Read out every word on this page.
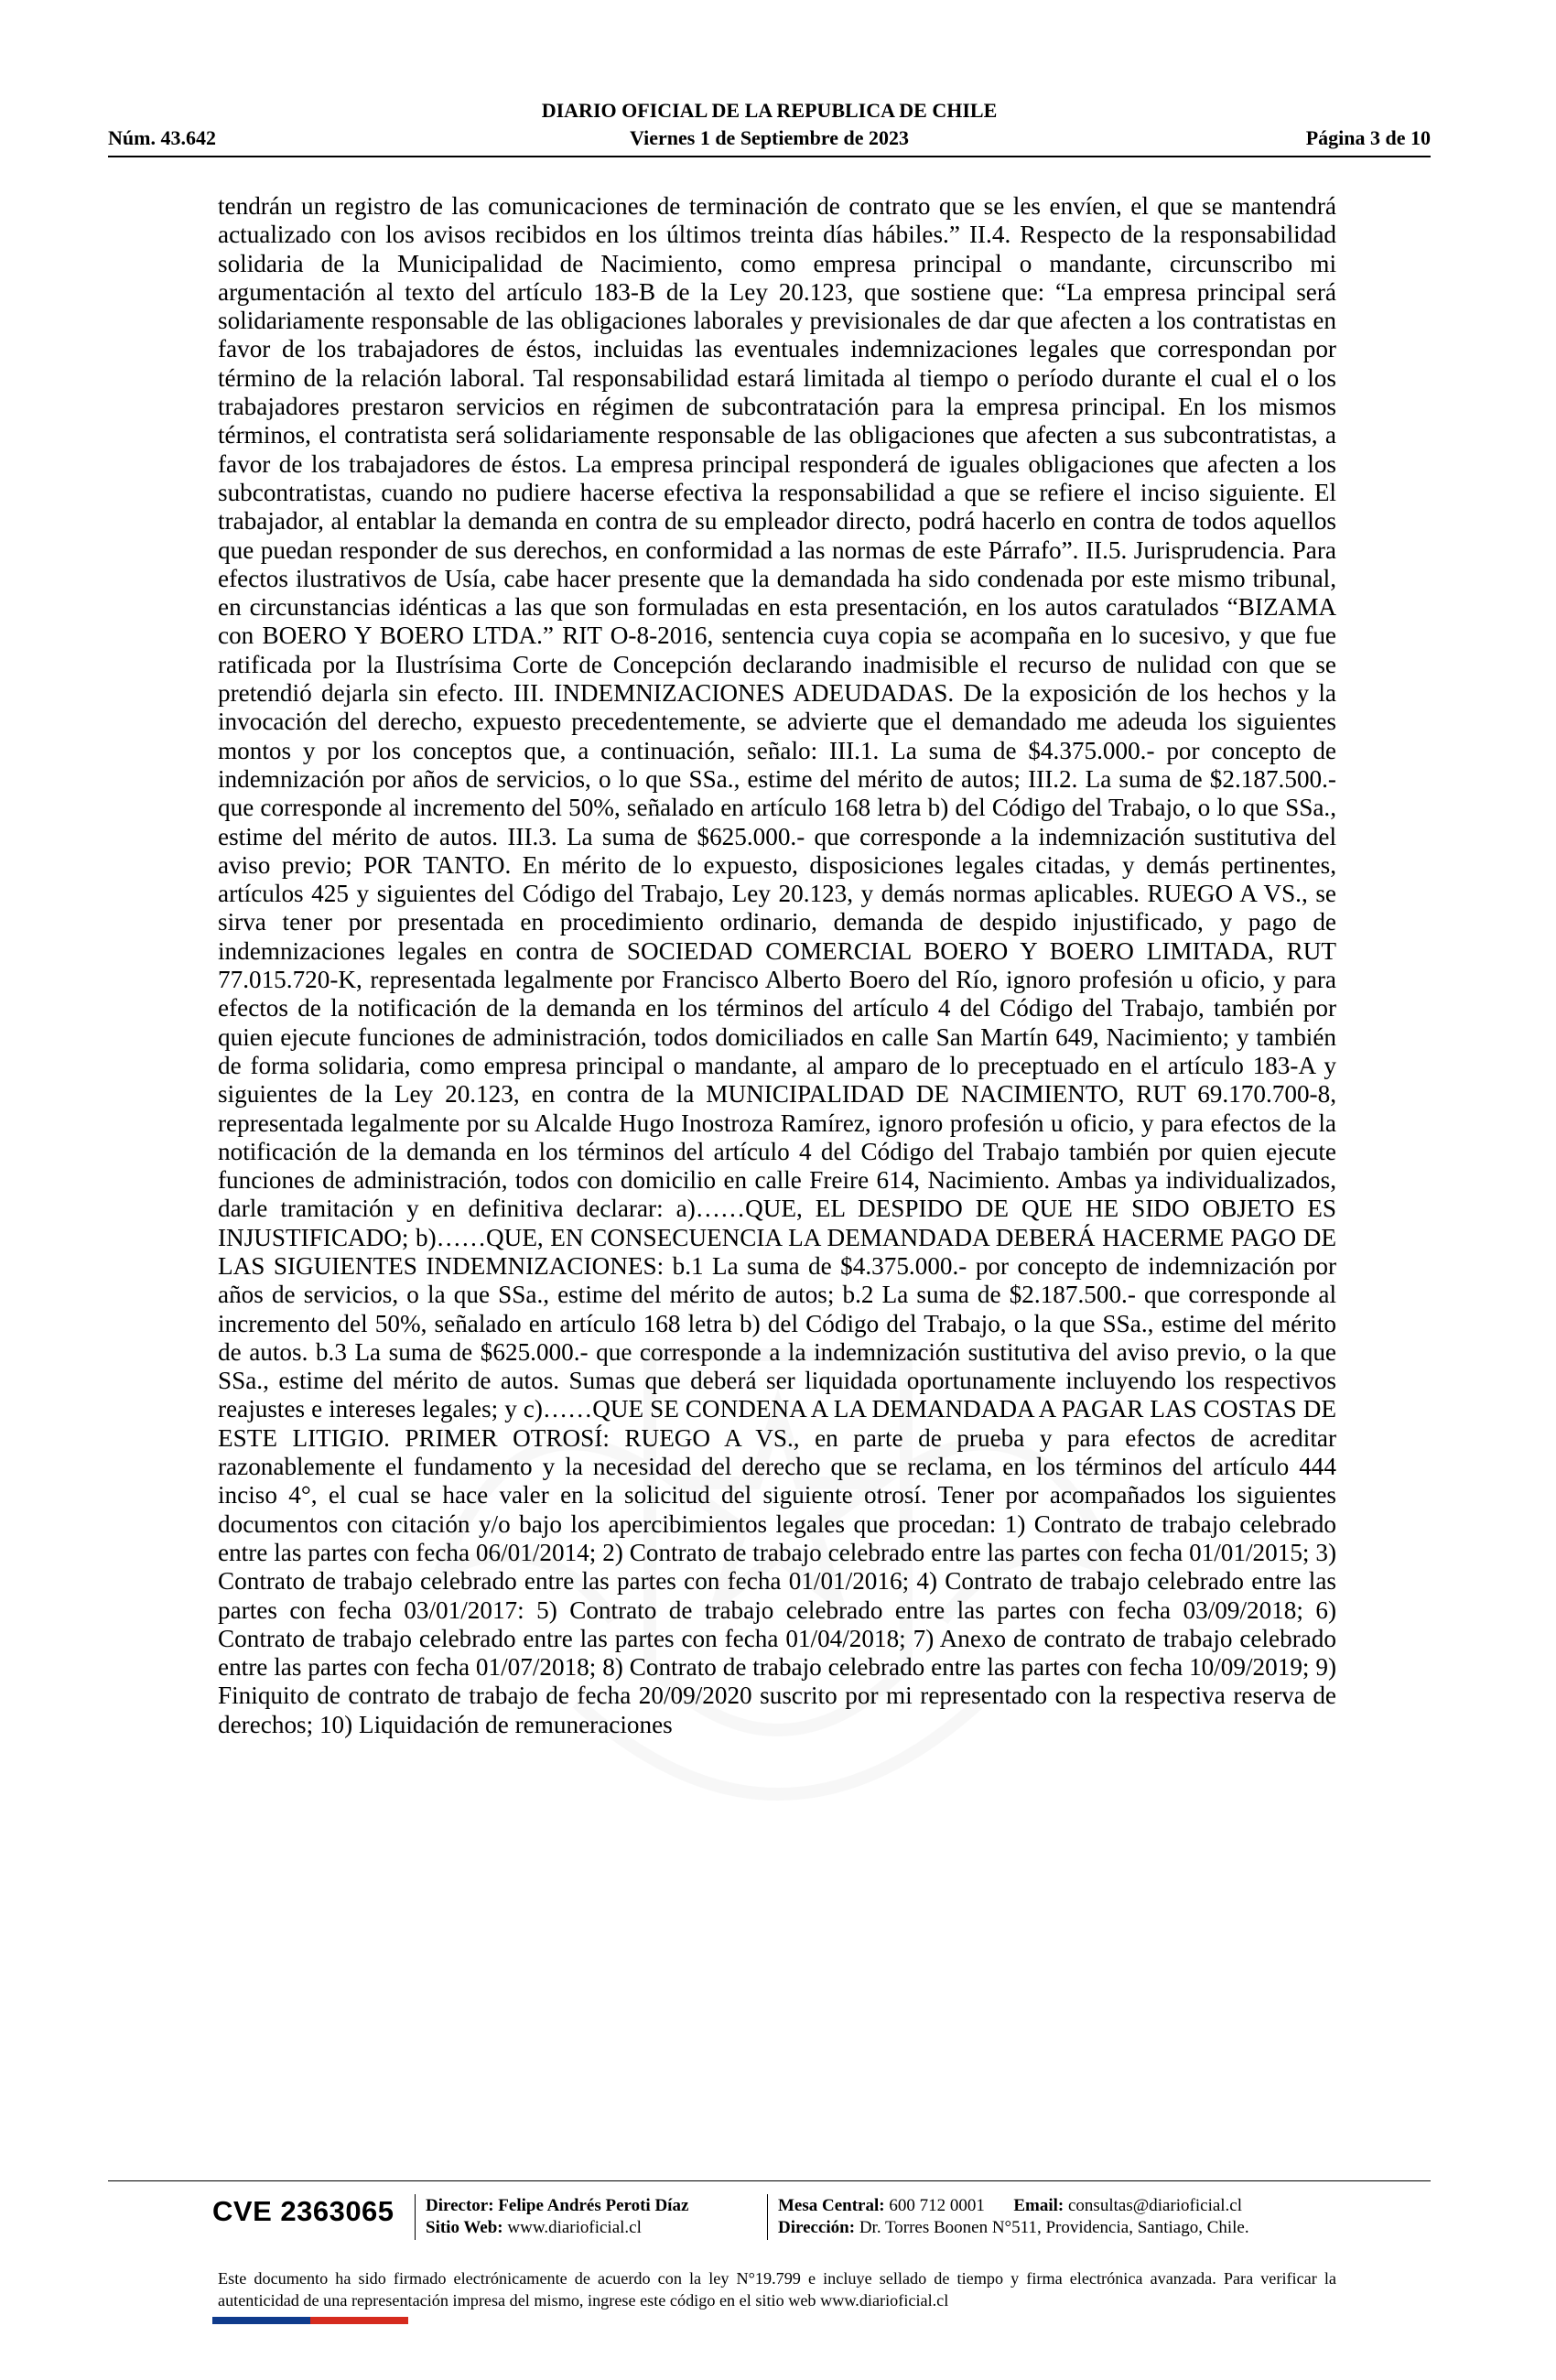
Núm. 43.642
DIARIO OFICIAL DE LA REPUBLICA DE CHILE
Viernes 1 de Septiembre de 2023	Página 3 de 10
tendrán un registro de las comunicaciones de terminación de contrato que se les envíen, el que se mantendrá actualizado con los avisos recibidos en los últimos treinta días hábiles.” II.4. Respecto de la responsabilidad solidaria de la Municipalidad de Nacimiento, como empresa principal o mandante, circunscribo mi argumentación al texto del artículo 183-B de la Ley 20.123, que sostiene que: “La empresa principal será solidariamente responsable de las obligaciones laborales y previsionales de dar que afecten a los contratistas en favor de los trabajadores de éstos, incluidas las eventuales indemnizaciones legales que correspondan por término de la relación laboral. Tal responsabilidad estará limitada al tiempo o período durante el cual el o los trabajadores prestaron servicios en régimen de subcontratación para la empresa principal. En los mismos términos, el contratista será solidariamente responsable de las obligaciones que afecten a sus subcontratistas, a favor de los trabajadores de éstos. La empresa principal responderá de iguales obligaciones que afecten a los subcontratistas, cuando no pudiere hacerse efectiva la responsabilidad a que se refiere el inciso siguiente. El trabajador, al entablar la demanda en contra de su empleador directo, podrá hacerlo en contra de todos aquellos que puedan responder de sus derechos, en conformidad a las normas de este Párrafo”. II.5. Jurisprudencia. Para efectos ilustrativos de Usía, cabe hacer presente que la demandada ha sido condenada por este mismo tribunal, en circunstancias idénticas a las que son formuladas en esta presentación, en los autos caratulados “BIZAMA con BOERO Y BOERO LTDA.” RIT O-8-2016, sentencia cuya copia se acompaña en lo sucesivo, y que fue ratificada por la Ilustrísima Corte de Concepción declarando inadmisible el recurso de nulidad con que se pretendió dejarla sin efecto. III. INDEMNIZACIONES ADEUDADAS. De la exposición de los hechos y la invocación del derecho, expuesto precedentemente, se advierte que el demandado me adeuda los siguientes montos y por los conceptos que, a continuación, señalo: III.1. La suma de $4.375.000.- por concepto de indemnización por años de servicios, o lo que SSa., estime del mérito de autos; III.2. La suma de $2.187.500.- que corresponde al incremento del 50%, señalado en artículo 168 letra b) del Código del Trabajo, o lo que SSa., estime del mérito de autos. III.3. La suma de $625.000.- que corresponde a la indemnización sustitutiva del aviso previo; POR TANTO. En mérito de lo expuesto, disposiciones legales citadas, y demás pertinentes, artículos 425 y siguientes del Código del Trabajo, Ley 20.123, y demás normas aplicables. RUEGO A VS., se sirva tener por presentada en procedimiento ordinario, demanda de despido injustificado, y pago de indemnizaciones legales en contra de SOCIEDAD COMERCIAL BOERO Y BOERO LIMITADA, RUT 77.015.720-K, representada legalmente por Francisco Alberto Boero del Río, ignoro profesión u oficio, y para efectos de la notificación de la demanda en los términos del artículo 4 del Código del Trabajo, también por quien ejecute funciones de administración, todos domiciliados en calle San Martín 649, Nacimiento; y también de forma solidaria, como empresa principal o mandante, al amparo de lo preceptuado en el artículo 183-A y siguientes de la Ley 20.123, en contra de la MUNICIPALIDAD DE NACIMIENTO, RUT 69.170.700-8, representada legalmente por su Alcalde Hugo Inostroza Ramírez, ignoro profesión u oficio, y para efectos de la notificación de la demanda en los términos del artículo 4 del Código del Trabajo también por quien ejecute funciones de administración, todos con domicilio en calle Freire 614, Nacimiento. Ambas ya individualizados, darle tramitación y en definitiva declarar: a)……QUE, EL DESPIDO DE QUE HE SIDO OBJETO ES INJUSTIFICADO; b)……QUE, EN CONSECUENCIA LA DEMANDADA DEBERÁ HACERME PAGO DE LAS SIGUIENTES INDEMNIZACIONES: b.1 La suma de $4.375.000.- por concepto de indemnización por años de servicios, o la que SSa., estime del mérito de autos; b.2 La suma de $2.187.500.- que corresponde al incremento del 50%, señalado en artículo 168 letra b) del Código del Trabajo, o la que SSa., estime del mérito de autos. b.3 La suma de $625.000.- que corresponde a la indemnización sustitutiva del aviso previo, o la que SSa., estime del mérito de autos. Sumas que deberá ser liquidada oportunamente incluyendo los respectivos reajustes e intereses legales; y c)……QUE SE CONDENA A LA DEMANDADA A PAGAR LAS COSTAS DE ESTE LITIGIO. PRIMER OTROSÍ: RUEGO A VS., en parte de prueba y para efectos de acreditar razonablemente el fundamento y la necesidad del derecho que se reclama, en los términos del artículo 444 inciso 4°, el cual se hace valer en la solicitud del siguiente otrosí. Tener por acompañados los siguientes documentos con citación y/o bajo los apercibimientos legales que procedan: 1) Contrato de trabajo celebrado entre las partes con fecha 06/01/2014; 2) Contrato de trabajo celebrado entre las partes con fecha 01/01/2015; 3) Contrato de trabajo celebrado entre las partes con fecha 01/01/2016; 4) Contrato de trabajo celebrado entre las partes con fecha 03/01/2017: 5) Contrato de trabajo celebrado entre las partes con fecha 03/09/2018; 6) Contrato de trabajo celebrado entre las partes con fecha 01/04/2018; 7) Anexo de contrato de trabajo celebrado entre las partes con fecha 01/07/2018; 8) Contrato de trabajo celebrado entre las partes con fecha 10/09/2019; 9) Finiquito de contrato de trabajo de fecha 20/09/2020 suscrito por mi representado con la respectiva reserva de derechos; 10) Liquidación de remuneraciones
CVE 2363065 Director: Felipe Andrés Peroti Díaz
Sitio Web: www.diarioficial.cl
Mesa Central: 600 712 0001 Email: consultas@diarioficial.cl
Dirección: Dr. Torres Boonen N°511, Providencia, Santiago, Chile.
Este documento ha sido firmado electrónicamente de acuerdo con la ley N°19.799 e incluye sellado de tiempo y firma electrónica avanzada. Para verificar la autenticidad de una representación impresa del mismo, ingrese este código en el sitio web www.diarioficial.cl
